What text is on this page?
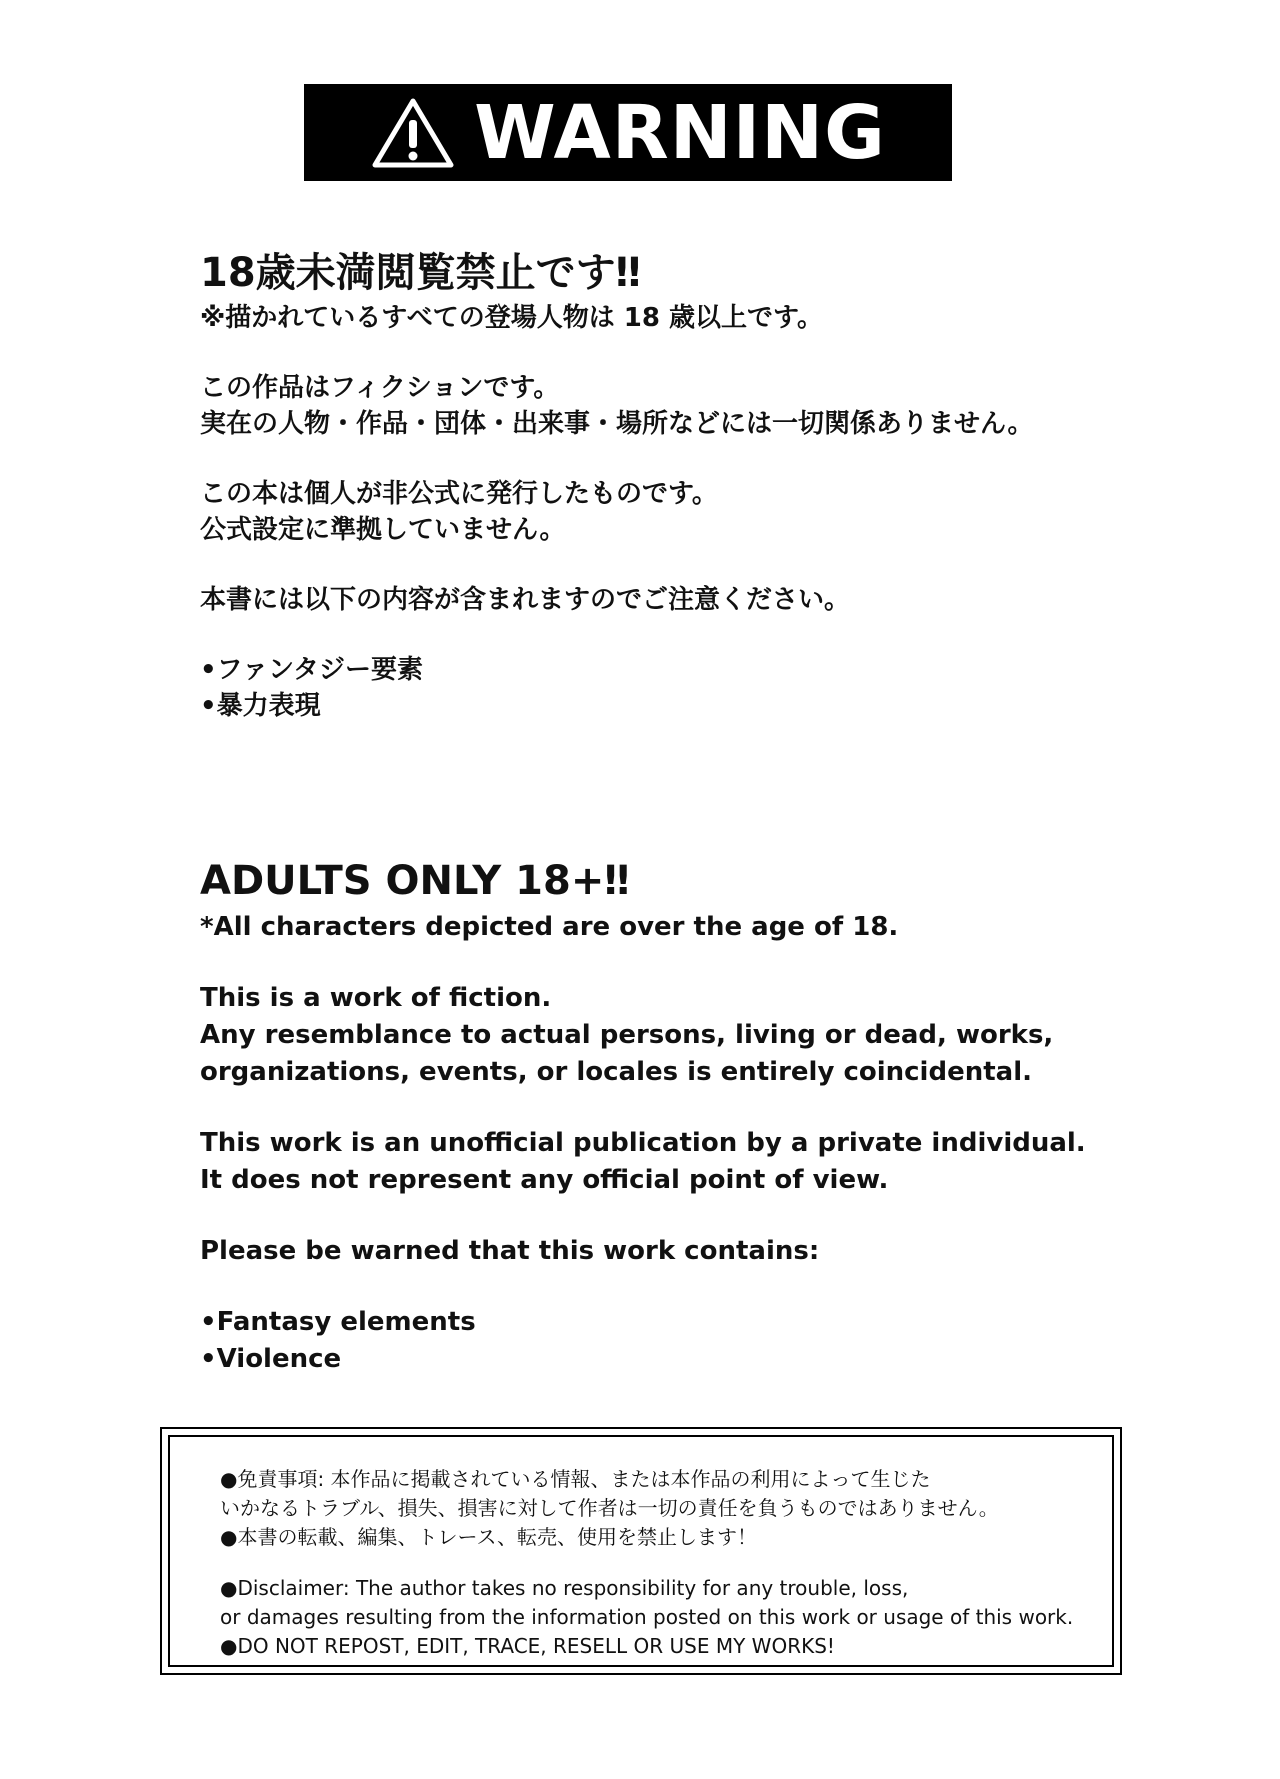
WARNING
18歳未満閲覧禁止です‼
※描かれているすべての登場人物は 18 歳以上です。
この作品はフィクションです。
実在の人物・作品・団体・出来事・場所などには一切関係ありません。
この本は個人が非公式に発行したものです。
公式設定に準拠していません。
本書には以下の内容が含まれますのでご注意ください。
•ファンタジー要素
•暴力表現
ADULTS ONLY 18+‼
*All characters depicted are over the age of 18.
This is a work of fiction.
Any resemblance to actual persons, living or dead, works,
organizations, events, or locales is entirely coincidental.
This work is an unofficial publication by a private individual.
It does not represent any official point of view.
Please be warned that this work contains:
•Fantasy elements
•Violence
●免責事項: 本作品に掲載されている情報、または本作品の利用によって生じた
いかなるトラブル、損失、損害に対して作者は一切の責任を負うものではありません。
●本書の転載、編集、トレース、転売、使用を禁止します！
●Disclaimer: The author takes no responsibility for any trouble, loss,
or damages resulting from the information posted on this work or usage of this work.
●DO NOT REPOST, EDIT, TRACE, RESELL OR USE MY WORKS!
